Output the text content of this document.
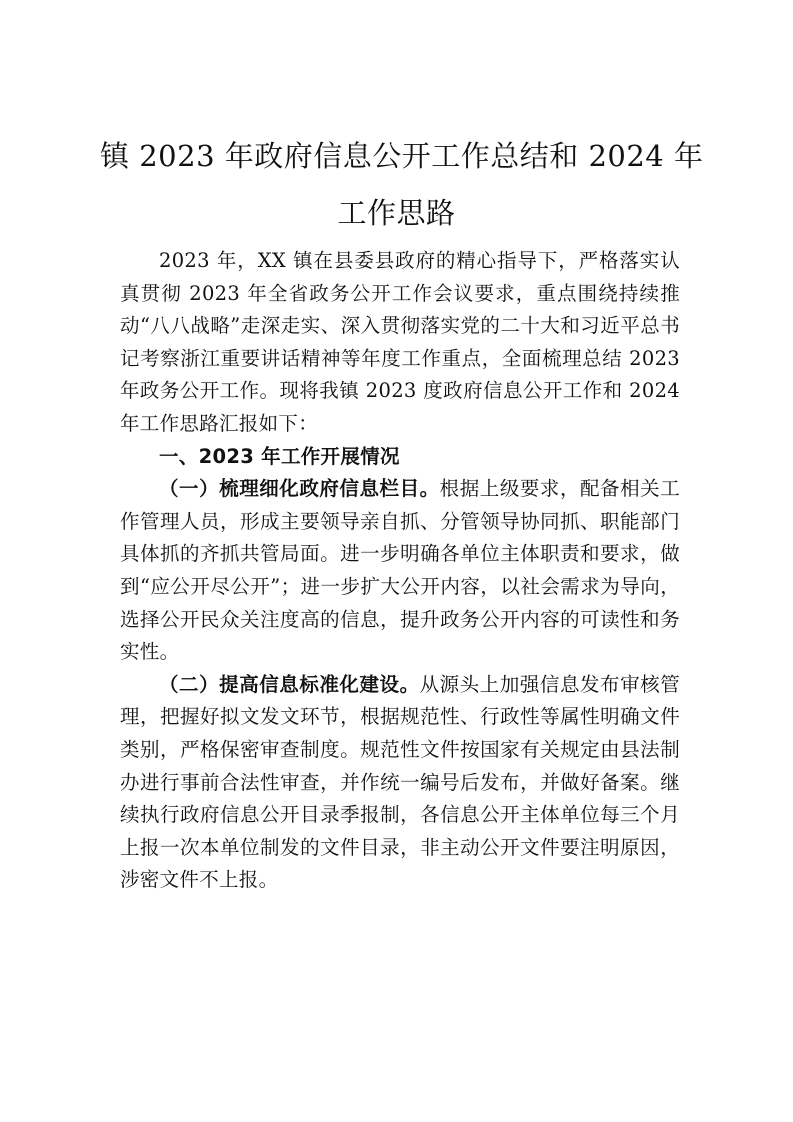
镇 2023 年政府信息公开工作总结和 2024 年
工作思路

2023 年，XX 镇在县委县政府的精心指导下，严格落实认真贯彻 2023 年全省政务公开工作会议要求，重点围绕持续推动“八八战略”走深走实、深入贯彻落实党的二十大和习近平总书记考察浙江重要讲话精神等年度工作重点，全面梳理总结 2023 年政务公开工作。现将我镇 2023 度政府信息公开工作和 2024 年工作思路汇报如下：

一、2023 年工作开展情况

（一）梳理细化政府信息栏目。根据上级要求，配备相关工作管理人员，形成主要领导亲自抓、分管领导协同抓、职能部门具体抓的齐抓共管局面。进一步明确各单位主体职责和要求，做到“应公开尽公开”；进一步扩大公开内容，以社会需求为导向，选择公开民众关注度高的信息，提升政务公开内容的可读性和务实性。

（二）提高信息标准化建设。从源头上加强信息发布审核管理，把握好拟文发文环节，根据规范性、行政性等属性明确文件类别，严格保密审查制度。规范性文件按国家有关规定由县法制办进行事前合法性审查，并作统一编号后发布，并做好备案。继续执行政府信息公开目录季报制，各信息公开主体单位每三个月上报一次本单位制发的文件目录，非主动公开文件要注明原因，涉密文件不上报。
